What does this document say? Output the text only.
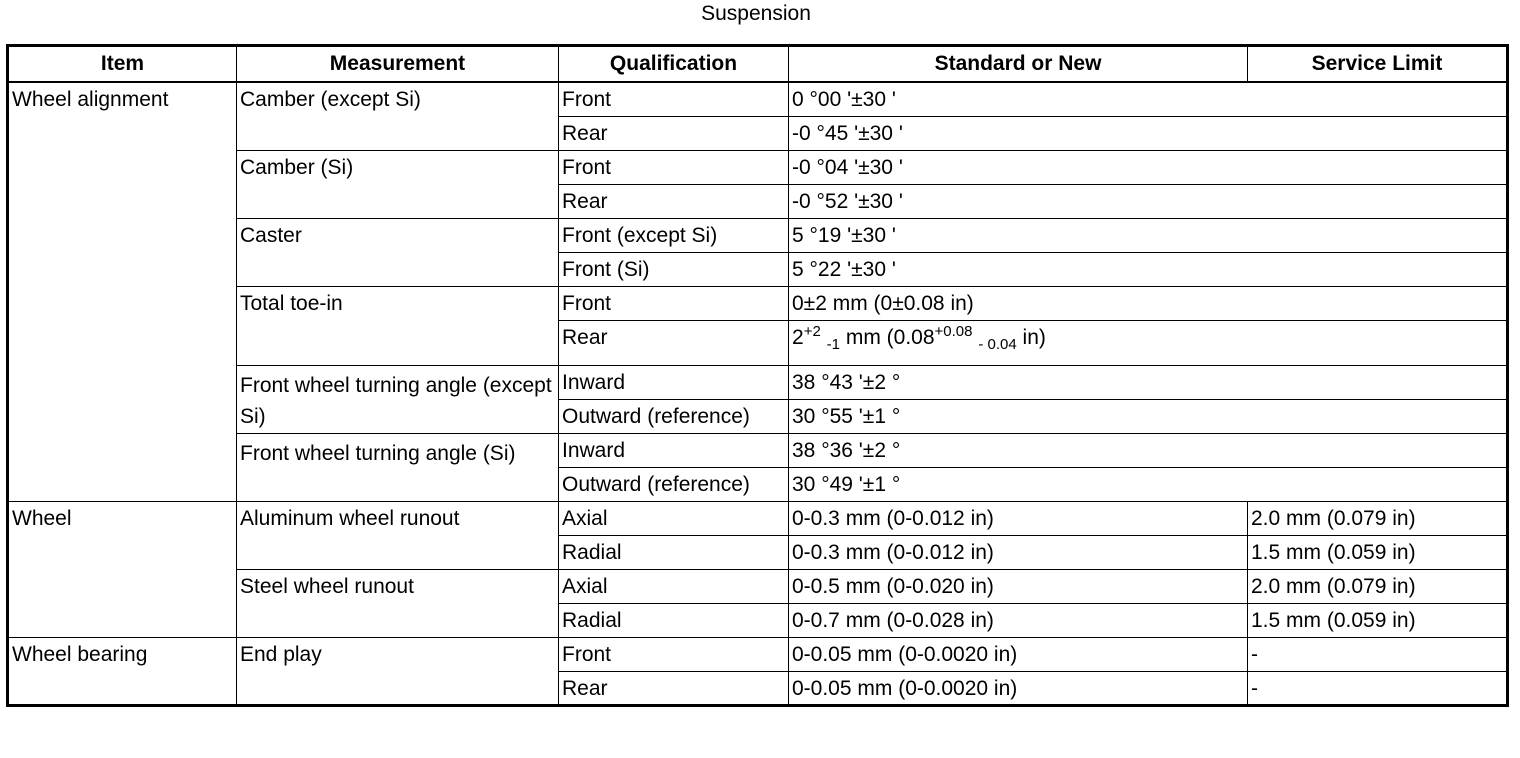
Suspension
Item	Measurement	Qualification	Standard or New	Service Limit
Wheel alignment	Camber (except Si)	Front	0 °00 '±30 '	
		Rear	-0 °45 '±30 '	
	Camber (Si)	Front	-0 °04 '±30 '	
		Rear	-0 °52 '±30 '	
	Caster	Front (except Si)	5 °19 '±30 '	
		Front (Si)	5 °22 '±30 '	
	Total toe-in	Front	0±2 mm (0±0.08 in)	
		Rear	$2^{+2}$ $_{-1}$ mm ($0.08^{+0.08}$ $_{- 0.04}$ in)	
	Front wheel turning angle (except Si)	Inward	38 °43 '±2 °	
		Outward (reference)	30 °55 '±1 °	
	Front wheel turning angle (Si)	Inward	38 °36 '±2 °	
		Outward (reference)	30 °49 '±1 °	
Wheel	Aluminum wheel runout	Axial	0-0.3 mm (0-0.012 in)	2.0 mm (0.079 in)
		Radial	0-0.3 mm (0-0.012 in)	1.5 mm (0.059 in)
	Steel wheel runout	Axial	0-0.5 mm (0-0.020 in)	2.0 mm (0.079 in)
		Radial	0-0.7 mm (0-0.028 in)	1.5 mm (0.059 in)
Wheel bearing	End play	Front	0-0.05 mm (0-0.0020 in)	-
		Rear	0-0.05 mm (0-0.0020 in)	-
